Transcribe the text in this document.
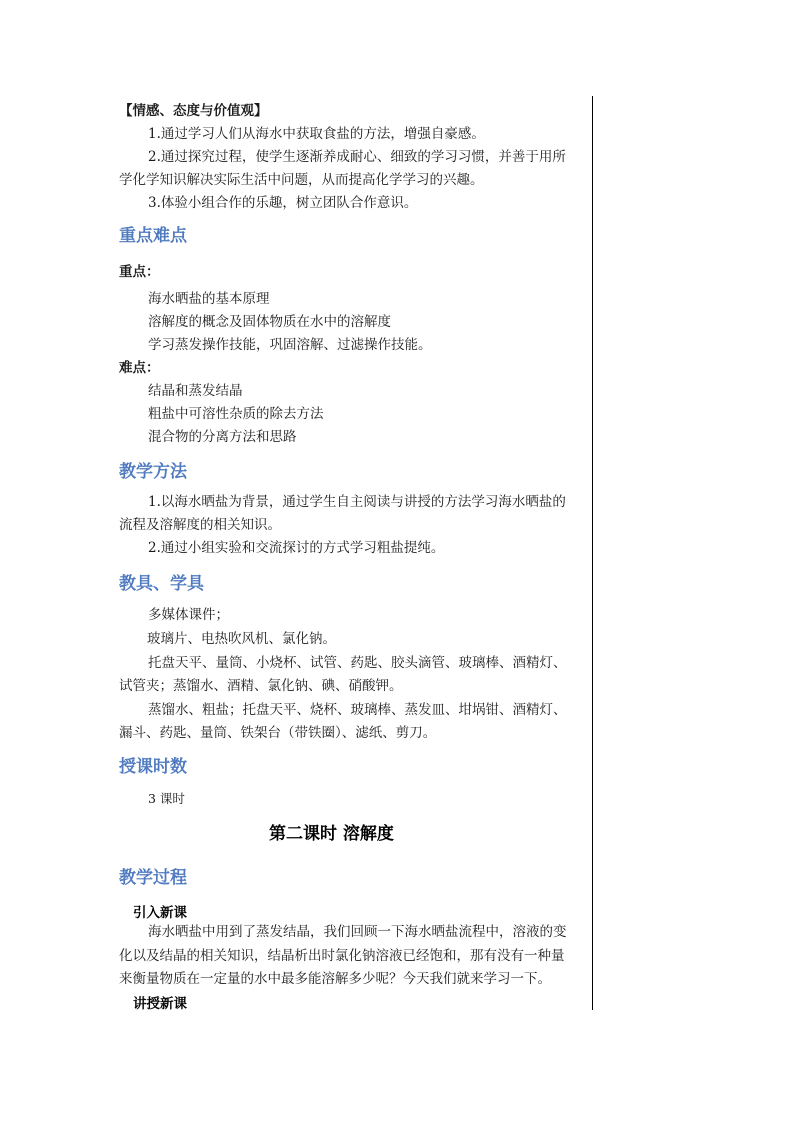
【情感、态度与价值观】
1.通过学习人们从海水中获取食盐的方法，增强自豪感。
2.通过探究过程，使学生逐渐养成耐心、细致的学习习惯，并善于用所
学化学知识解决实际生活中问题，从而提高化学学习的兴趣。
3.体验小组合作的乐趣，树立团队合作意识。
重点难点
重点：
海水晒盐的基本原理
溶解度的概念及固体物质在水中的溶解度
学习蒸发操作技能，巩固溶解、过滤操作技能。
难点：
结晶和蒸发结晶
粗盐中可溶性杂质的除去方法
混合物的分离方法和思路
教学方法
1.以海水晒盐为背景，通过学生自主阅读与讲授的方法学习海水晒盐的
流程及溶解度的相关知识。
2.通过小组实验和交流探讨的方式学习粗盐提纯。
教具、学具
多媒体课件；
玻璃片、电热吹风机、氯化钠。
托盘天平、量筒、小烧杯、试管、药匙、胶头滴管、玻璃棒、酒精灯、
试管夹；蒸馏水、酒精、氯化钠、碘、硝酸钾。
蒸馏水、粗盐；托盘天平、烧杯、玻璃棒、蒸发皿、坩埚钳、酒精灯、
漏斗、药匙、量筒、铁架台（带铁圈）、滤纸、剪刀。
授课时数
3 课时
第二课时 溶解度
教学过程
引入新课
海水晒盐中用到了蒸发结晶，我们回顾一下海水晒盐流程中，溶液的变
化以及结晶的相关知识，结晶析出时氯化钠溶液已经饱和，那有没有一种量
来衡量物质在一定量的水中最多能溶解多少呢？今天我们就来学习一下。
讲授新课
